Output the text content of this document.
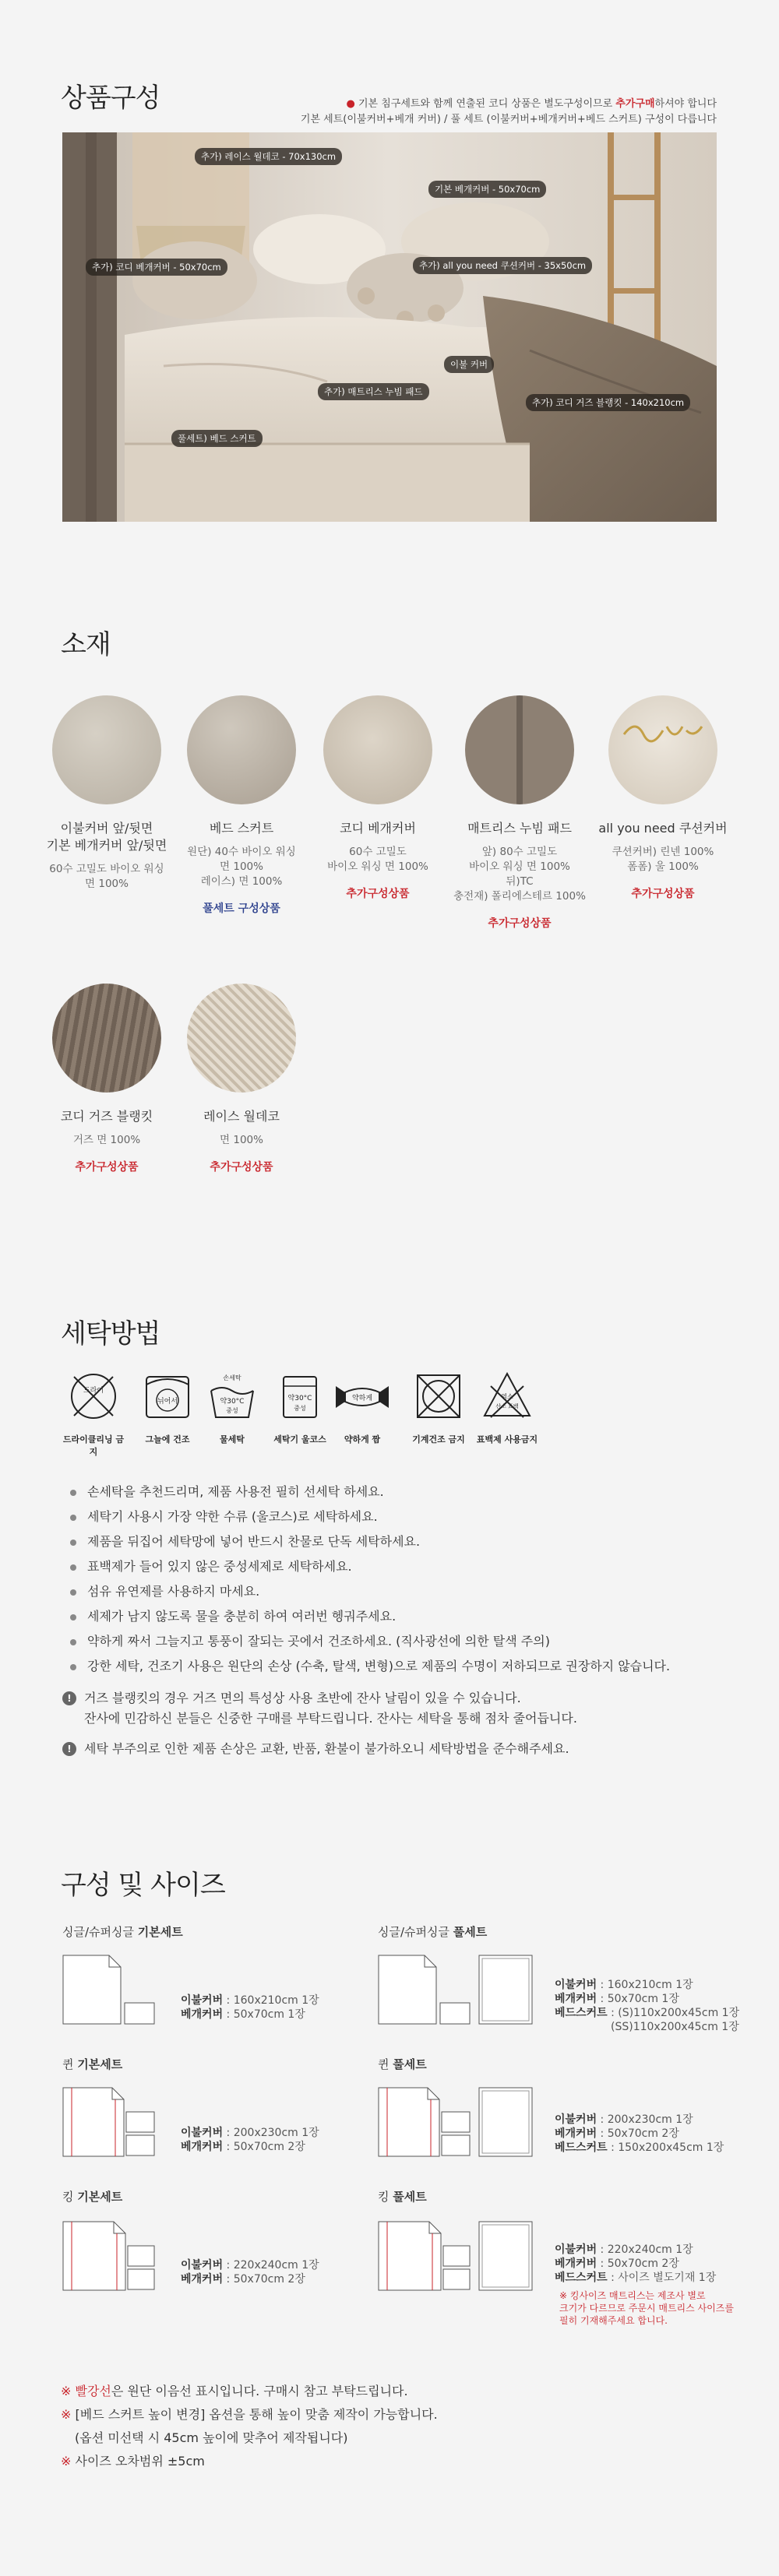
상품구성	● 기본 침구세트와 함께 연출된 코디 상품은 별도구성이므로 추가구매하셔야 합니다
기본 세트(이불커버+베개 커버) / 풀 세트 (이불커버+베개커버+베드 스커트) 구성이 다릅니다
추가) 레이스 월데코 - 70x130cm
기본 베개커버 - 50x70cm
추가) 코디 베개커버 - 50x70cm	추가) all you need 쿠션커버 - 35x50cm
이불 커버
추가) 매트리스 누빔 패드
추가) 코디 거즈 블랭킷 - 140x210cm
풀세트) 베드 스커트
소재
이불커버 앞/뒷면
기본 베개커버 앞/뒷면
60수 고밀도 바이오 워싱
면 100%
베드 스커트
원단) 40수 바이오 워싱
면 100%
레이스) 면 100%
풀세트 구성상품
코디 베개커버
60수 고밀도
바이오 워싱 면 100%
추가구성상품
매트리스 누빔 패드
앞) 80수 고밀도
바이오 워싱 면 100%
뒤)TC
충전재) 폴리에스테르 100%
추가구성상품
all you need 쿠션커버
쿠션커버) 린넨 100%
폼폼) 울 100%
추가구성상품
코디 거즈 블랭킷
거즈 면 100%
추가구성상품
레이스 월데코
면 100%
추가구성상품
세탁방법
드라이
드라이클리닝 금지
뉘어서
그늘에 건조
손세탁
약30°C
중성
물세탁
약30°C
중성
세탁기 울코스
약하게
약하게 짬	기계건조 금지
염소
산소 표백
표백제 사용금지
손세탁을 추천드리며, 제품 사용전 필히 선세탁 하세요.
세탁기 사용시 가장 약한 수류 (울코스)로 세탁하세요.
제품을 뒤집어 세탁망에 넣어 반드시 찬물로 단독 세탁하세요.
표백제가 들어 있지 않은 중성세제로 세탁하세요.
섬유 유연제를 사용하지 마세요.
세제가 남지 않도록 물을 충분히 하여 여러번 헹궈주세요.
약하게 짜서 그늘지고 통풍이 잘되는 곳에서 건조하세요. (직사광선에 의한 탈색 주의)
강한 세탁, 건조기 사용은 원단의 손상 (수축, 탈색, 변형)으로 제품의 수명이 저하되므로 권장하지 않습니다.
!	거즈 블랭킷의 경우 거즈 면의 특성상 사용 초반에 잔사 날림이 있을 수 있습니다.
잔사에 민감하신 분들은 신중한 구매를 부탁드립니다. 잔사는 세탁을 통해 점차 줄어듭니다.
!	세탁 부주의로 인한 제품 손상은 교환, 반품, 환불이 불가하오니 세탁방법을 준수해주세요.
구성 및 사이즈
싱글/슈퍼싱글 기본세트
이불커버 : 160x210cm 1장
베개커버 : 50x70cm 1장
싱글/슈퍼싱글 풀세트
이불커버 : 160x210cm 1장
베개커버 : 50x70cm 1장
베드스커트 : (S)110x200x45cm 1장
(SS)110x200x45cm 1장
퀸 기본세트
이불커버 : 200x230cm 1장
베개커버 : 50x70cm 2장
퀸 풀세트
이불커버 : 200x230cm 1장
베개커버 : 50x70cm 2장
베드스커트 : 150x200x45cm 1장
킹 기본세트
이불커버 : 220x240cm 1장
베개커버 : 50x70cm 2장
킹 풀세트
이불커버 : 220x240cm 1장
베개커버 : 50x70cm 2장
베드스커트 : 사이즈 별도기재 1장
※ 킹사이즈 매트리스는 제조사 별로
크기가 다르므로 주문시 매트리스 사이즈를
필히 기재해주세요 합니다.
※ 빨강선은 원단 이음선 표시입니다. 구매시 참고 부탁드립니다.
※ [베드 스커트 높이 변경] 옵션을 통해 높이 맞춤 제작이 가능합니다.
(옵션 미선택 시 45cm 높이에 맞추어 제작됩니다)
※ 사이즈 오차범위 ±5cm
